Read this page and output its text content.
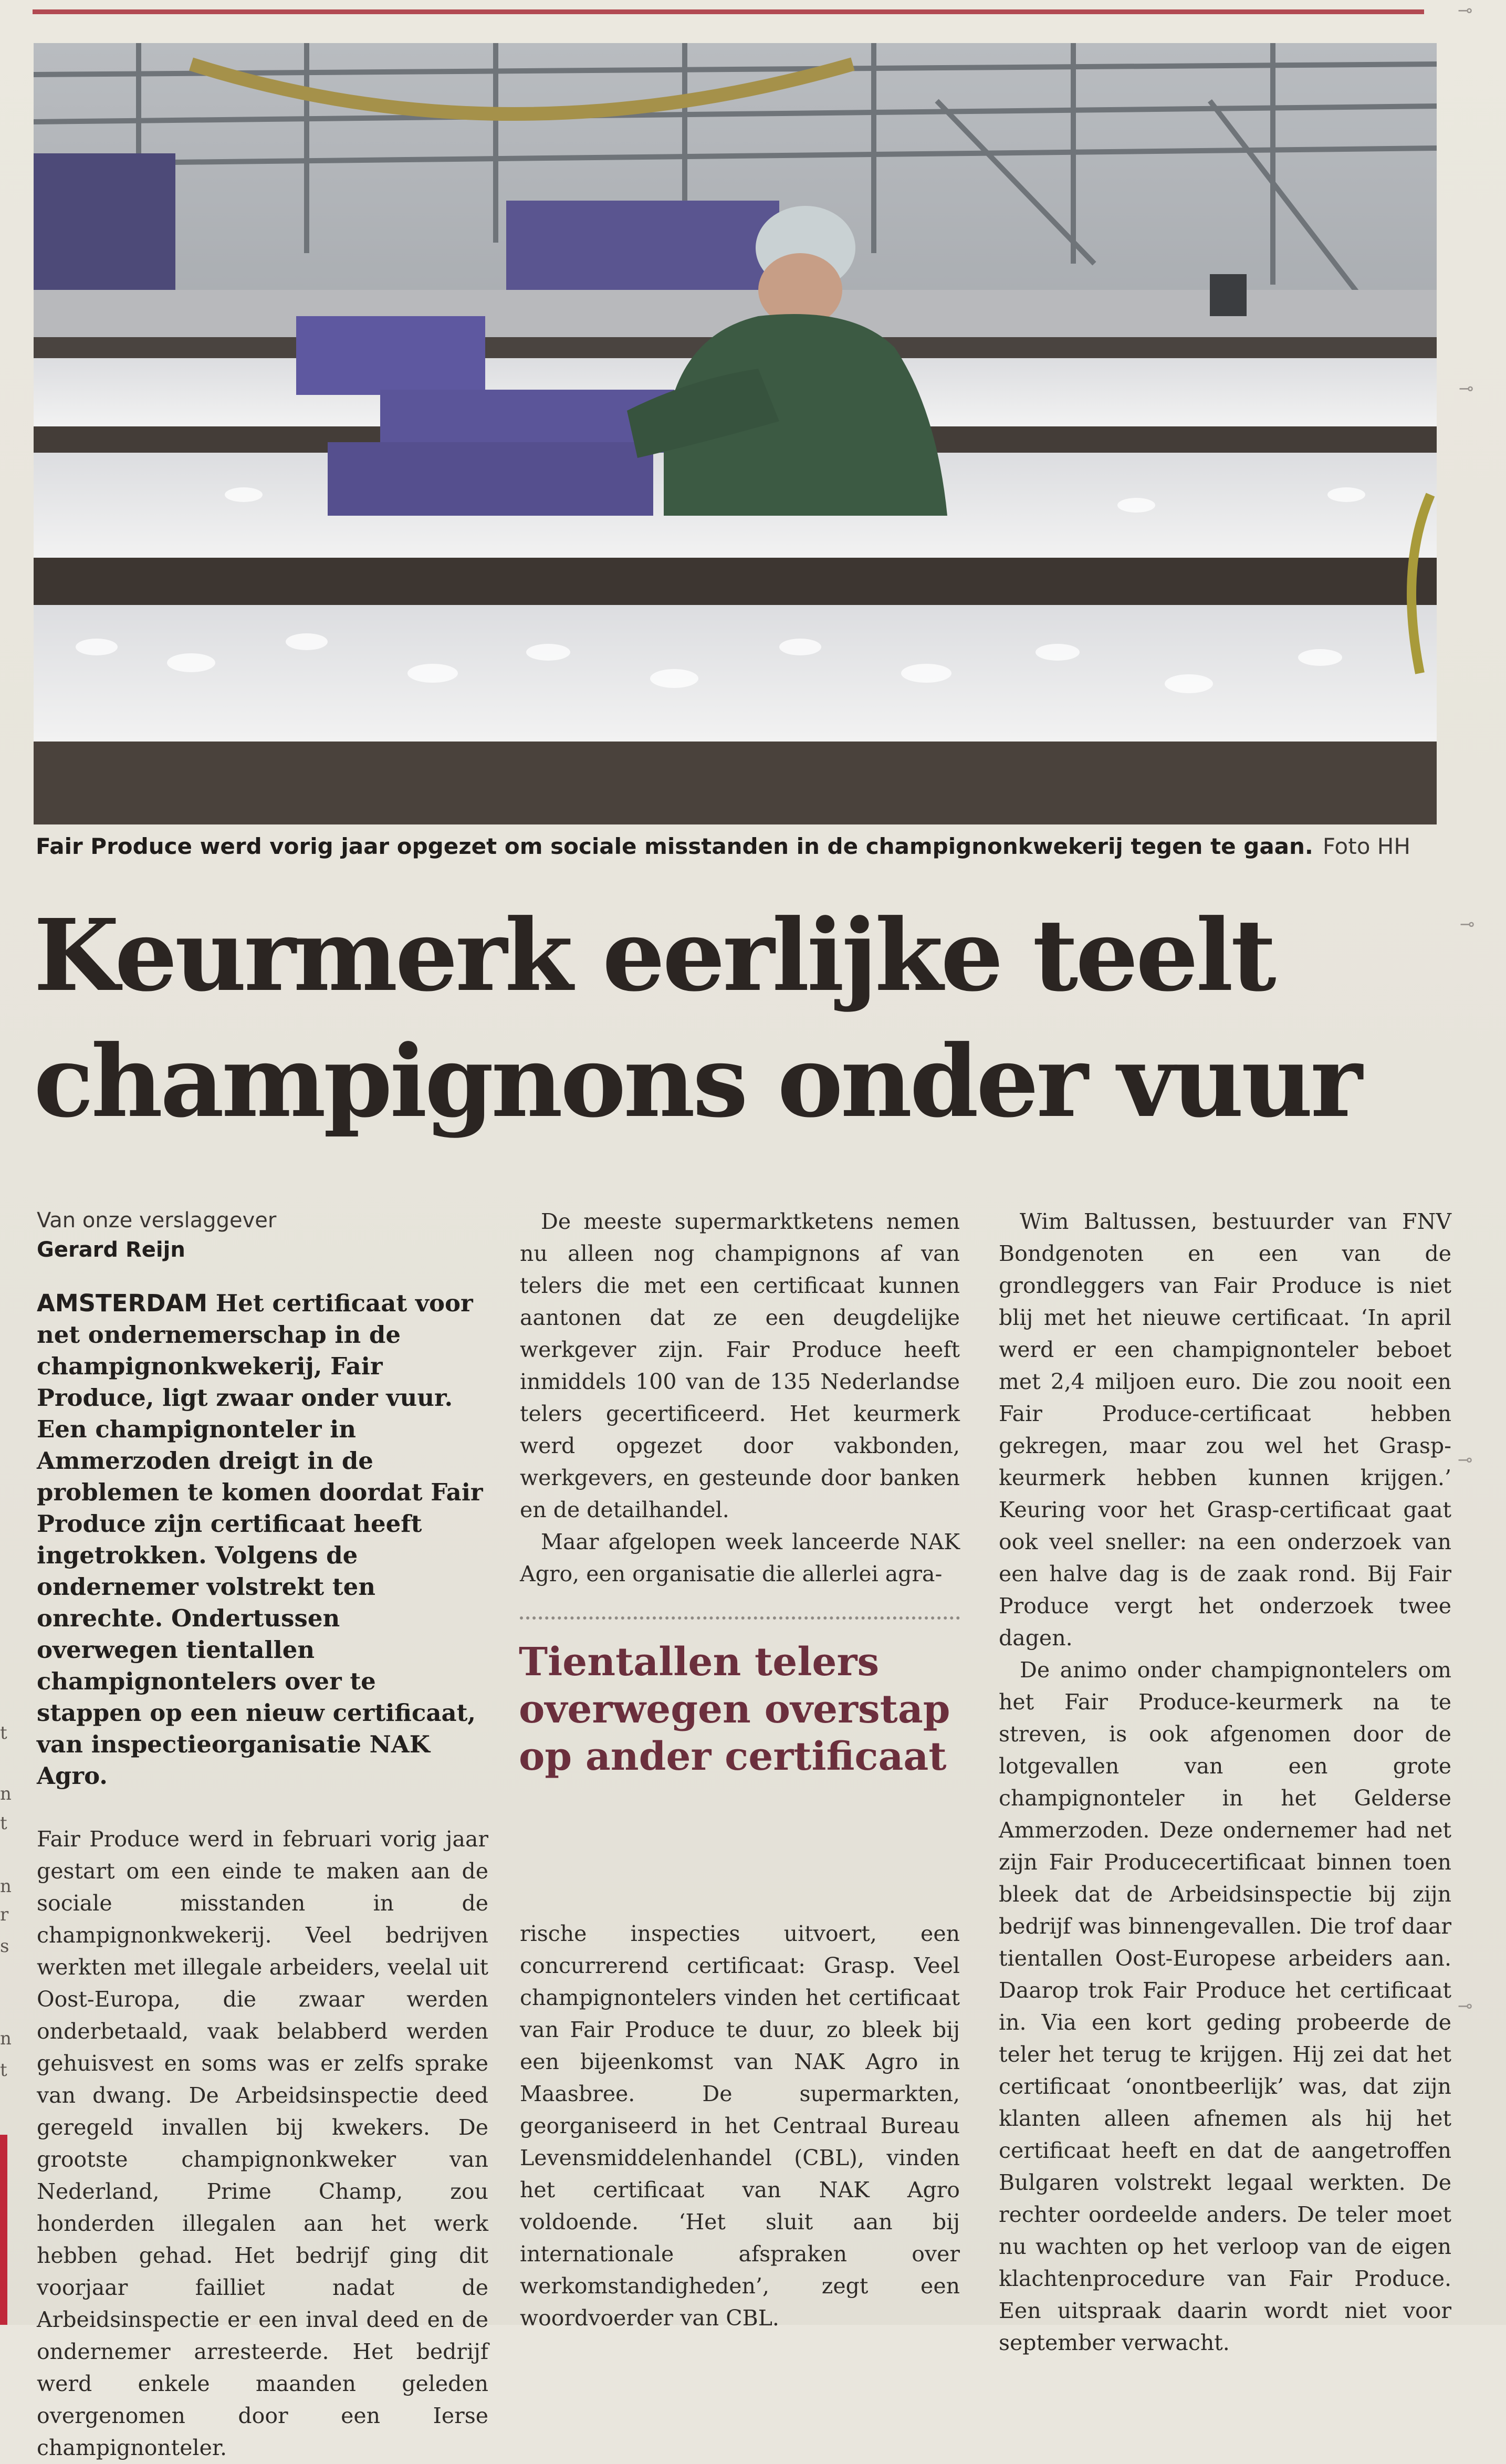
Fair Produce werd vorig jaar opgezet om sociale misstanden in de champignonkwekerij tegen te gaan. Foto HH
Keurmerk eerlijke teelt
champignons onder vuur
Van onze verslaggever
Gerard Reijn
AMSTERDAM Het certificaat voor net ondernemerschap in de champignonkwekerij, Fair Produce, ligt zwaar onder vuur. Een champignonteler in Ammerzoden dreigt in de problemen te komen doordat Fair Produce zijn certificaat heeft ingetrokken. Volgens de ondernemer volstrekt ten onrechte. Ondertussen overwegen tientallen champignontelers over te stappen op een nieuw certificaat, van inspectieorganisatie NAK Agro.

Fair Produce werd in februari vorig jaar gestart om een einde te maken aan de sociale misstanden in de champignonkwekerij. Veel bedrijven werkten met illegale arbeiders, veelal uit Oost-Europa, die zwaar werden onderbetaald, vaak belabberd werden gehuisvest en soms was er zelfs sprake van dwang. De Arbeidsinspectie deed geregeld invallen bij kwekers. De grootste champignonkweker van Nederland, Prime Champ, zou honderden illegalen aan het werk hebben gehad. Het bedrijf ging dit voorjaar failliet nadat de Arbeidsinspectie er een inval deed en de ondernemer arresteerde. Het bedrijf werd enkele maanden geleden overgenomen door een Ierse champignonteler.

De meeste supermarktketens nemen nu alleen nog champignons af van telers die met een certificaat kunnen aantonen dat ze een deugdelijke werkgever zijn. Fair Produce heeft inmiddels 100 van de 135 Nederlandse telers gecertificeerd. Het keurmerk werd opgezet door vakbonden, werkgevers, en gesteunde door banken en de detailhandel.

Maar afgelopen week lanceerde NAK Agro, een organisatie die allerlei agra-

Tientallen telers overwegen overstap op ander certificaat

rische inspecties uitvoert, een concurrerend certificaat: Grasp. Veel champignontelers vinden het certificaat van Fair Produce te duur, zo bleek bij een bijeenkomst van NAK Agro in Maasbree. De supermarkten, georganiseerd in het Centraal Bureau Levensmiddelenhandel (CBL), vinden het certificaat van NAK Agro voldoende. ‘Het sluit aan bij internationale afspraken over werkomstandigheden’, zegt een woordvoerder van CBL.

Wim Baltussen, bestuurder van FNV Bondgenoten en een van de grondleggers van Fair Produce is niet blij met het nieuwe certificaat. ‘In april werd er een champignonteler beboet met 2,4 miljoen euro. Die zou nooit een Fair Produce-certificaat hebben gekregen, maar zou wel het Grasp-keurmerk hebben kunnen krijgen.’ Keuring voor het Grasp-certificaat gaat ook veel sneller: na een onderzoek van een halve dag is de zaak rond. Bij Fair Produce vergt het onderzoek twee dagen.

De animo onder champignontelers om het Fair Produce-keurmerk na te streven, is ook afgenomen door de lotgevallen van een grote champignonteler in het Gelderse Ammerzoden. Deze ondernemer had net zijn Fair Producecertificaat binnen toen bleek dat de Arbeidsinspectie bij zijn bedrijf was binnengevallen. Die trof daar tientallen Oost-Europese arbeiders aan. Daarop trok Fair Produce het certificaat in. Via een kort geding probeerde de teler het terug te krijgen. Hij zei dat het certificaat ‘onontbeerlijk’ was, dat zijn klanten alleen afnemen als hij het certificaat heeft en dat de aangetroffen Bulgaren volstrekt legaal werkten. De rechter oordeelde anders. De teler moet nu wachten op het verloop van de eigen klachtenprocedure van Fair Produce. Een uitspraak daarin wordt niet voor september verwacht.

t
n
t
n
r
s
n
t
⊸
⊸
⊸
⊸
⊸
